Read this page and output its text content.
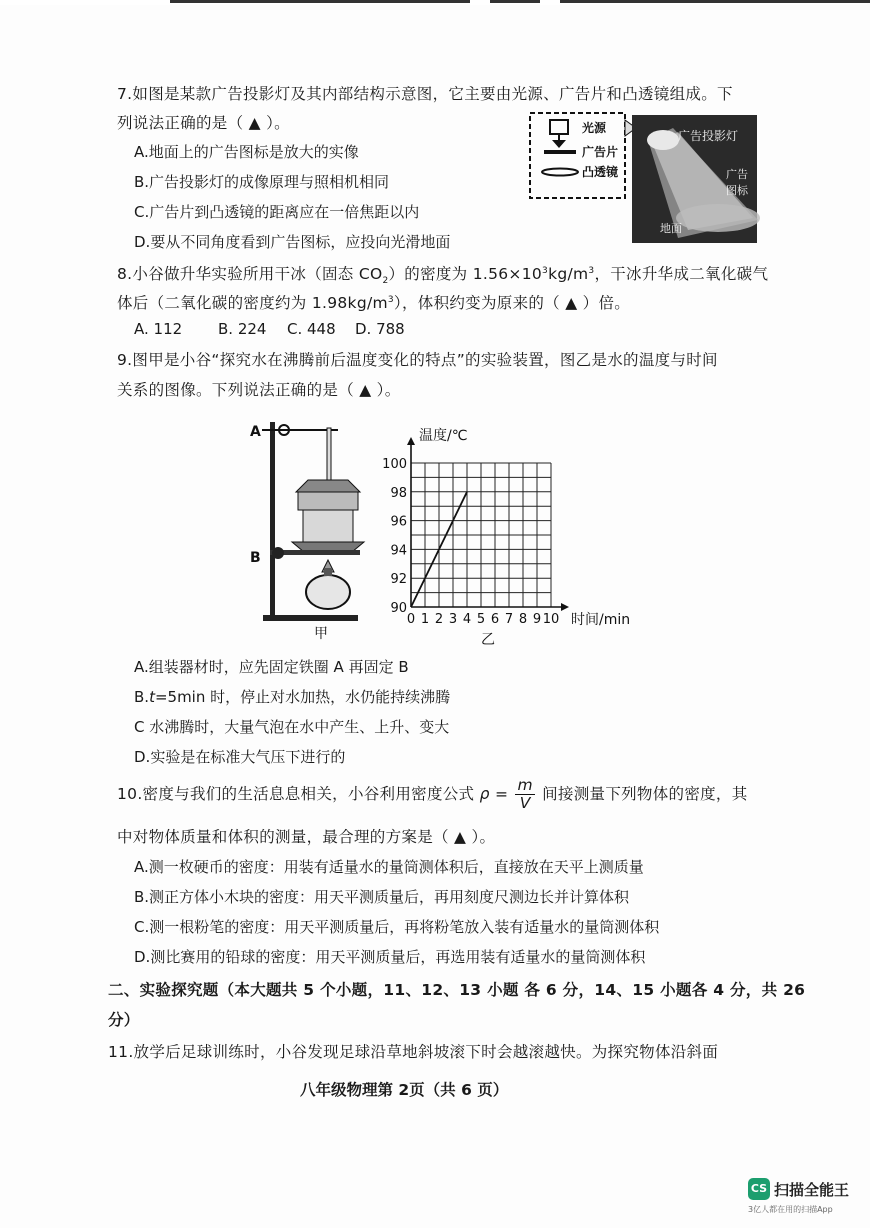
7.如图是某款广告投影灯及其内部结构示意图，它主要由光源、广告片和凸透镜组成。下
列说法正确的是（ ▲ ）。
A.地面上的广告图标是放大的实像
B.广告投影灯的成像原理与照相机相同
C.广告片到凸透镜的距离应在一倍焦距以内
D.要从不同角度看到广告图标，应投向光滑地面
光源
广告片
凸透镜
广告投影灯
广告
图标
地面
8.小谷做升华实验所用干冰（固态 $CO_2$）的密度为 $1.56\times 10^3kg/m^3$，干冰升华成二氧化碳气
体后（二氧化碳的密度约为 $1.98kg/m^3$），体积约变为原来的（ ▲ ）倍。
A. 112 B. 224 C. 448 D. 788
9.图甲是小谷“探究水在沸腾前后温度变化的特点”的实验装置，图乙是水的温度与时间
关系的图像。下列说法正确的是（ ▲ ）。
A
B
甲
温度/℃
时间/min
乙
0 1 2 3 4 5 6 7 8 9 10
90
92
94
96
98
100
A.组装器材时，应先固定铁圈 A 再固定 B
B.t=5min 时，停止对水加热，水仍能持续沸腾
C 水沸腾时，大量气泡在水中产生、上升、变大
D.实验是在标准大气压下进行的
10.密度与我们的生活息息相关，小谷利用密度公式 $\rho = \frac{m}{V}$ 间接测量下列物体的密度，其
中对物体质量和体积的测量，最合理的方案是（ ▲ ）。
A.测一枚硬币的密度：用装有适量水的量筒测体积后，直接放在天平上测质量
B.测正方体小木块的密度：用天平测质量后，再用刻度尺测边长并计算体积
C.测一根粉笔的密度：用天平测质量后，再将粉笔放入装有适量水的量筒测体积
D.测比赛用的铅球的密度：用天平测质量后，再选用装有适量水的量筒测体积
二、实验探究题（本大题共 5 个小题，11、12、13 小题 各 6 分，14、15 小题各 4 分，共 26
分）
11.放学后足球训练时，小谷发现足球沿草地斜坡滚下时会越滚越快。为探究物体沿斜面
八年级物理第 2页（共 6 页）
CS 扫描全能王
3亿人都在用的扫描App
